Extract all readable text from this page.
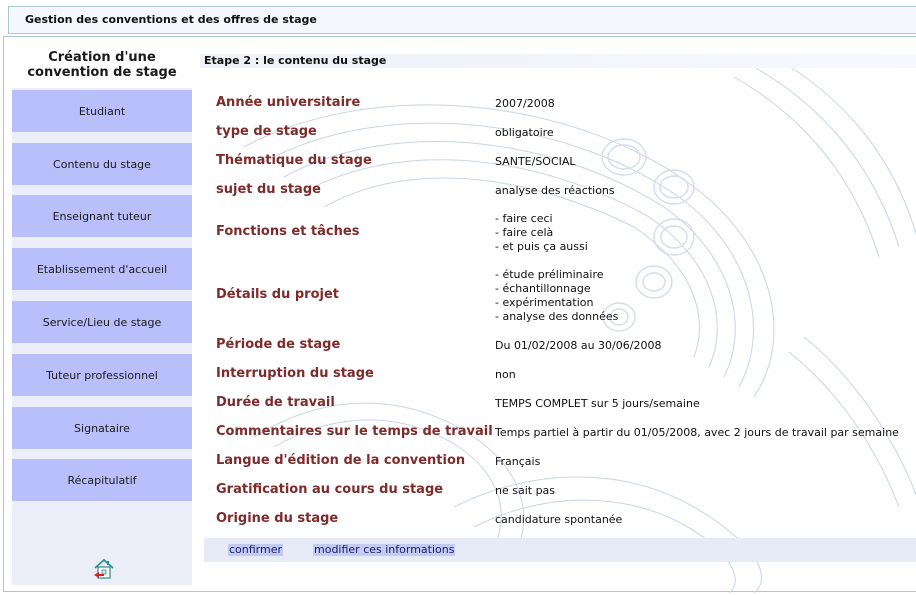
Gestion des conventions et des offres de stage
Création d'une convention de stage
Etudiant
Contenu du stage
Enseignant tuteur
Etablissement d'accueil
Service/Lieu de stage
Tuteur professionnel
Signataire
Récapitulatif
Etape 2 : le contenu du stage
Année universitaire	2007/2008
type de stage	obligatoire
Thématique du stage	SANTE/SOCIAL
sujet du stage	analyse des réactions
Fonctions et tâches
- faire ceci
- faire celà
- et puis ça aussi
Détails du projet
- étude préliminaire
- échantillonnage
- expérimentation
- analyse des données
Période de stage	Du 01/02/2008 au 30/06/2008
Interruption du stage	non
Durée de travail	TEMPS COMPLET sur 5 jours/semaine
Commentaires sur le temps de travail Temps partiel à partir du 01/05/2008, avec 2 jours de travail par semaine
Langue d'édition de la convention	Français
Gratification au cours du stage	ne sait pas
Origine du stage	candidature spontanée
confirmer	modifier ces informations
